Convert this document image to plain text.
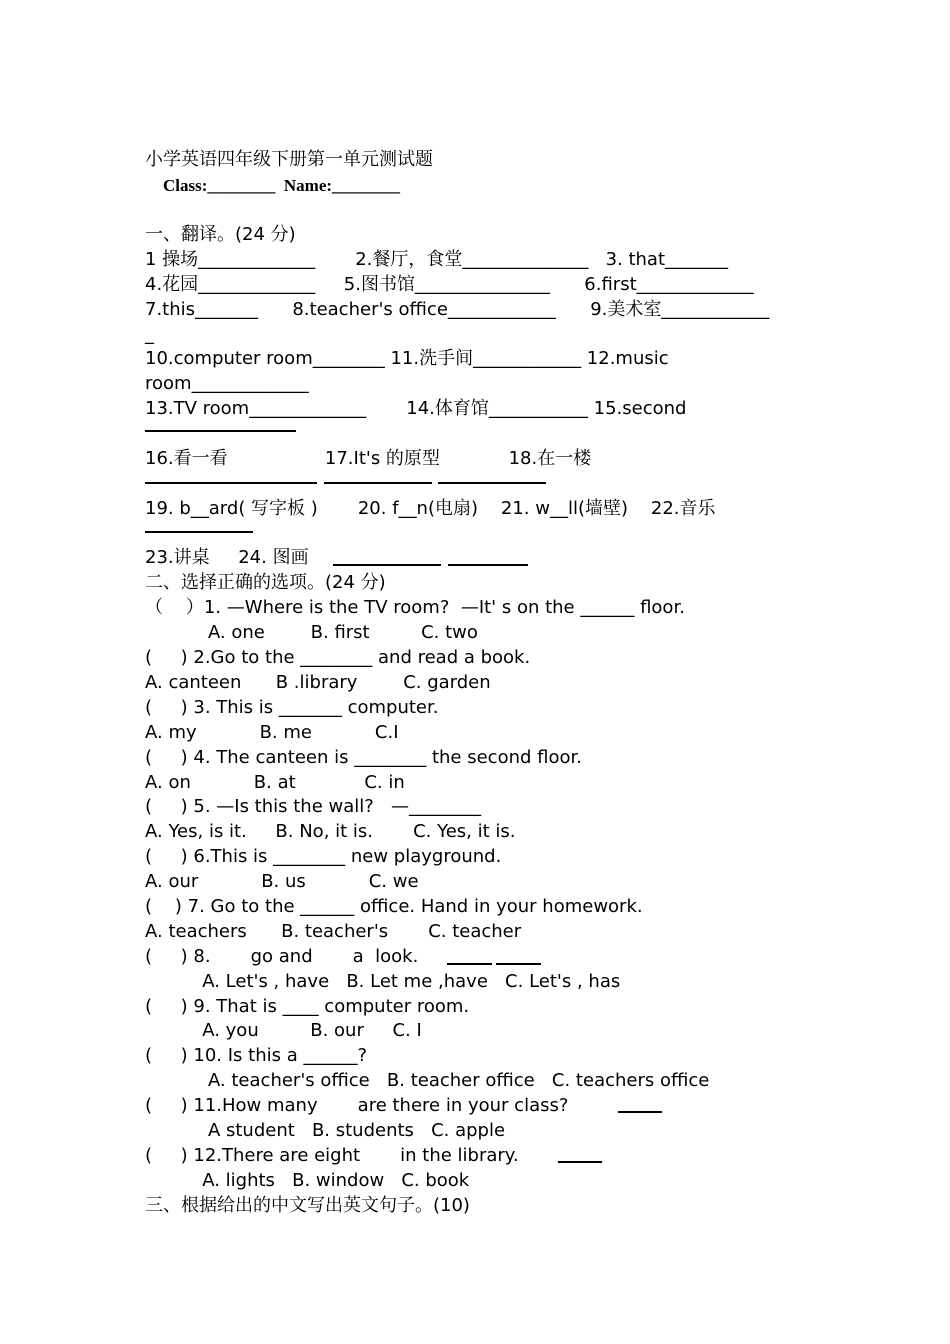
小学英语四年级下册第一单元测试题
Class:________  Name:________
一、翻译。(24 分)
1 操场_____________       2.餐厅，食堂______________   3. that_______
4.花园_____________     5.图书馆_______________      6.first_____________
7.this_______      8.teacher's office____________      9.美术室____________
_
10.computer room________ 11.洗手间____________ 12.music
room_____________
13.TV room_____________       14.体育馆___________ 15.second
16.看一看                 17.It's 的原型            18.在一楼
19. b__ard( 写字板 )       20. f__n(电扇)    21. w__ll(墙壁)    22.音乐
23.讲桌     24. 图画
二、选择正确的选项。(24 分)
（    ）1. —Where is the TV room?  —It' s on the ______ floor.
A. one        B. first         C. two
(     ) 2.Go to the ________ and read a book.
A. canteen      B .library        C. garden
(     ) 3. This is _______ computer.
A. my           B. me           C.I
(     ) 4. The canteen is ________ the second floor.
A. on           B. at            C. in
(     ) 5. —Is this the wall?   —________
A. Yes, is it.     B. No, it is.       C. Yes, it is.
(     ) 6.This is ________ new playground.
A. our           B. us           C. we
(    ) 7. Go to the ______ office. Hand in your homework.
A. teachers      B. teacher's       C. teacher
(     ) 8.       go and       a  look.
A. Let's , have   B. Let me ,have   C. Let's , has
(     ) 9. That is ____ computer room.
A. you         B. our     C. I
(     ) 10. Is this a ______?
A. teacher's office   B. teacher office   C. teachers office
(     ) 11.How many       are there in your class?
A student   B. students   C. apple
(     ) 12.There are eight       in the library.
A. lights   B. window   C. book
三、根据给出的中文写出英文句子。(10)
